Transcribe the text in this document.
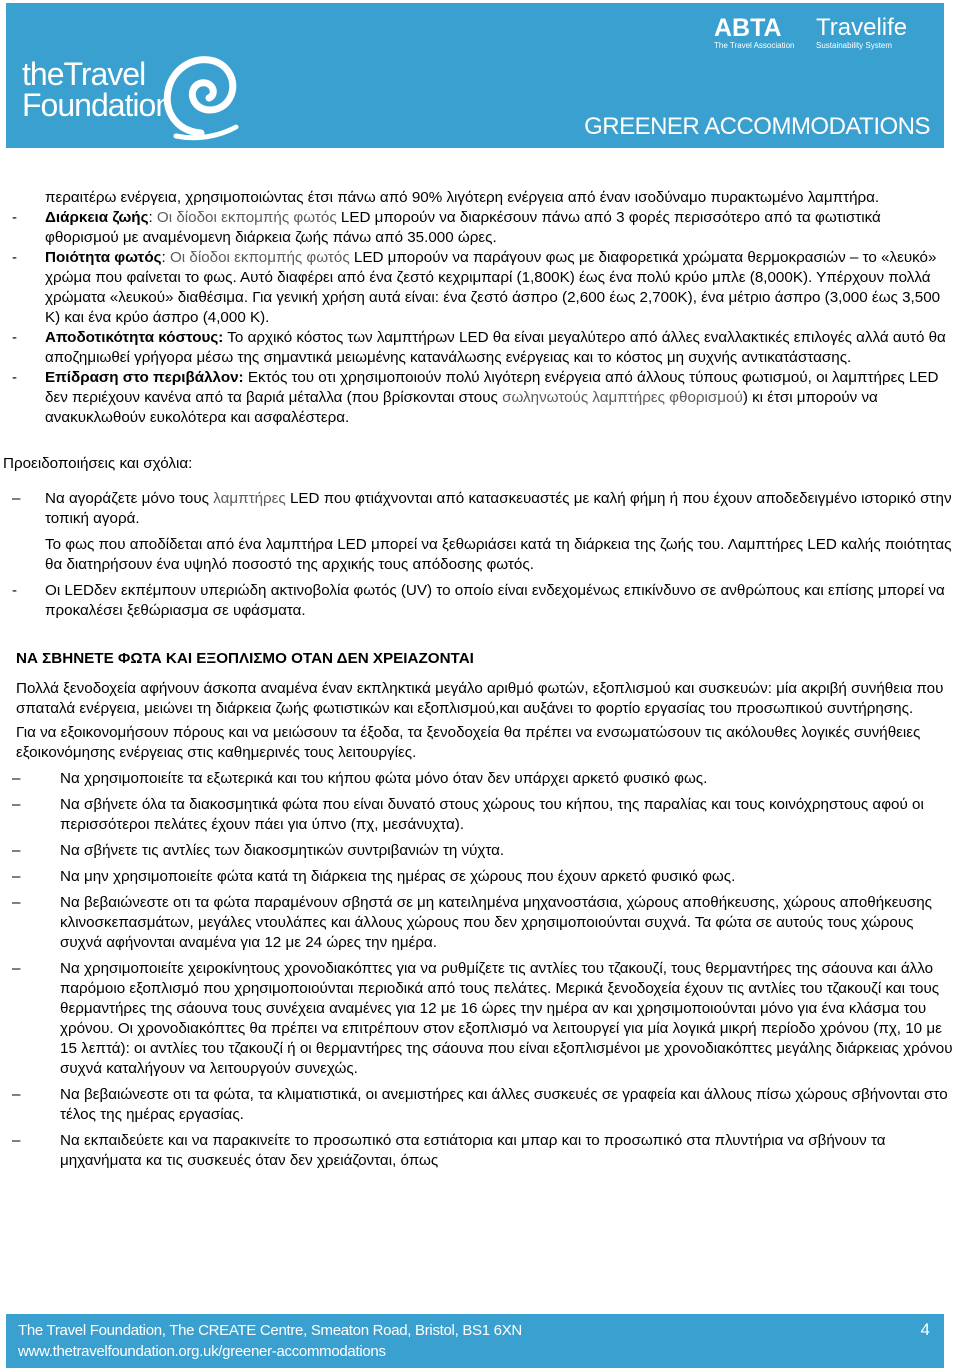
theTravel
Foundation
ABTA
The Travel Association
Travelife
Sustainability System
GREENER ACCOMMODATIONS

περαιτέρω ενέργεια, χρησιμοποιώντας έτσι πάνω από 90% λιγότερη ενέργεια από έναν ισοδύναμο πυρακτωμένο λαμπτήρα.

- Διάρκεια ζωής: Οι δίοδοι εκπομπής φωτός LED μπορούν να διαρκέσουν πάνω από 3 φορές περισσότερο από τα φωτιστικά φθορισμού με αναμένομενη διάρκεια ζωής πάνω από 35.000 ώρες.
- Ποιότητα φωτός: Οι δίοδοι εκπομπής φωτός LED μπορούν να παράγουν φως με διαφορετικά χρώματα θερμοκρασιών – το «λευκό» χρώμα που φαίνεται το φως. Αυτό διαφέρει από ένα ζεστό κεχριμπαρί (1,800Κ) έως ένα πολύ κρύο μπλε (8,000Κ). Υπέρχουν πολλά χρώματα «λευκού» διαθέσιμα. Για γενική χρήση αυτά είναι: ένα ζεστό άσπρο (2,600 έως 2,700Κ), ένα μέτριο άσπρο (3,000 έως 3,500 Κ) και ένα κρύο άσπρο (4,000 Κ).
- Αποδοτικότητα κόστους: Το αρχικό κόστος των λαμπτήρων LED θα είναι μεγαλύτερο από άλλες εναλλακτικές επιλογές αλλά αυτό θα αποζημιωθεί γρήγορα μέσω της σημαντικά μειωμένης κατανάλωσης ενέργειας και το κόστος μη συχνής αντικατάστασης.
- Επίδραση στο περιβάλλον: Εκτός του οτι χρησιμοποιούν πολύ λιγότερη ενέργεια από άλλους τύπους φωτισμού, οι λαμπτήρες LED δεν περιέχουν κανένα από τα βαριά μέταλλα (που βρίσκονται στους σωληνωτούς λαμπτήρες φθορισμού) κι έτσι μπορούν να ανακυκλωθούν ευκολότερα και ασφαλέστερα.

Προειδοποιήσεις και σχόλια:

– Να αγοράζετε μόνο τους λαμπτήρες LED που φτιάχνονται από κατασκευαστές με καλή φήμη ή που έχουν αποδεδειγμένο ιστορικό στην τοπική αγορά.

Το φως που αποδίδεται από ένα λαμπτήρα LED μπορεί να ξεθωριάσει κατά τη διάρκεια της ζωής του. Λαμπτήρες LED καλής ποιότητας θα διατηρήσουν ένα υψηλό ποσοστό της αρχικής τους απόδοσης φωτός.

- Οι LEDδεν εκπέμπουν υπεριώδη ακτινοβολία φωτός (UV) το οποίο είναι ενδεχομένως επικίνδυνο σε ανθρώπους και επίσης μπορεί να προκαλέσει ξεθώριασμα σε υφάσματα.

ΝΑ ΣΒΗΝΕΤΕ ΦΩΤΑ ΚΑΙ ΕΞΟΠΛΙΣΜΟ ΟΤΑΝ ΔΕΝ ΧΡΕΙΑΖΟΝΤΑΙ

Πολλά ξενοδοχεία αφήνουν άσκοπα αναμένα έναν εκπληκτικά μεγάλο αριθμό φωτών, εξοπλισμού και συσκευών: μία ακριβή συνήθεια που σπαταλά ενέργεια, μειώνει τη διάρκεια ζωής φωτιστικών και εξοπλισμού,και αυξάνει το φορτίο εργασίας του προσωπικού συντήρησης.

Για να εξοικονομήσουν πόρους και να μειώσουν τα έξοδα, τα ξενοδοχεία θα πρέπει να ενσωματώσουν τις ακόλουθες λογικές συνήθειες εξοικονόμησης ενέργειας στις καθημερινές τους λειτουργίες.

–	Να χρησιμοποιείτε τα εξωτερικά και του κήπου φώτα μόνο όταν δεν υπάρχει αρκετό φυσικό φως.
–	Να σβήνετε όλα τα διακοσμητικά φώτα που είναι δυνατό στους χώρους του κήπου, της παραλίας και τους κοινόχρηστους αφού οι περισσότεροι πελάτες έχουν πάει για ύπνο (πχ, μεσάνυχτα).
–	Να σβήνετε τις αντλίες των διακοσμητικών συντριβανιών τη νύχτα.
–	Να μην χρησιμοποιείτε φώτα κατά τη διάρκεια της ημέρας σε χώρους που έχουν αρκετό φυσικό φως.
–	Να βεβαιώνεστε οτι τα φώτα παραμένουν σβηστά σε μη κατειλημένα μηχανοστάσια, χώρους αποθήκευσης, χώρους αποθήκευσης κλινοσκεπασμάτων, μεγάλες ντουλάπες και άλλους χώρους που δεν χρησιμοποιούνται συχνά. Τα φώτα σε αυτούς τους χώρους συχνά αφήνονται αναμένα για 12 με 24 ώρες την ημέρα.
–	Να χρησιμοποιείτε χειροκίνητους χρονοδιακόπτες για να ρυθμίζετε τις αντλίες του τζακουζί, τους θερμαντήρες της σάουνα και άλλο παρόμοιο εξοπλισμό που χρησιμοποιούνται περιοδικά από τους πελάτες. Μερικά ξενοδοχεία έχουν τις αντλίες του τζακουζί και τους θερμαντήρες της σάουνα τους συνέχεια αναμένες για 12 με 16 ώρες την ημέρα αν και χρησιμοποιούνται μόνο για ένα κλάσμα του χρόνου. Οι χρονοδιακόπτες θα πρέπει να επιτρέπουν στον εξοπλισμό να λειτουργεί για μία λογικά μικρή περίοδο χρόνου (πχ, 10 με 15 λεπτά): οι αντλίες του τζακουζί ή οι θερμαντήρες της σάουνα που είναι εξοπλισμένοι με χρονοδιακόπτες μεγάλης διάρκειας χρόνου συχνά καταλήγουν να λειτουργούν συνεχώς.
–	Να βεβαιώνεστε οτι τα φώτα, τα κλιματιστικά, οι ανεμιστήρες και άλλες συσκευές σε γραφεία και άλλους πίσω χώρους σβήνονται στο τέλος της ημέρας εργασίας.
–	Να εκπαιδεύετε και να παρακινείτε το προσωπικό στα εστιάτορια και μπαρ και το προσωπικό στα πλυντήρια να σβήνουν τα μηχανήματα κα τις συσκευές όταν δεν χρειάζονται, όπως
The Travel Foundation, The CREATE Centre, Smeaton Road, Bristol, BS1 6XN
www.thetravelfoundation.org.uk/greener-accommodations
4
